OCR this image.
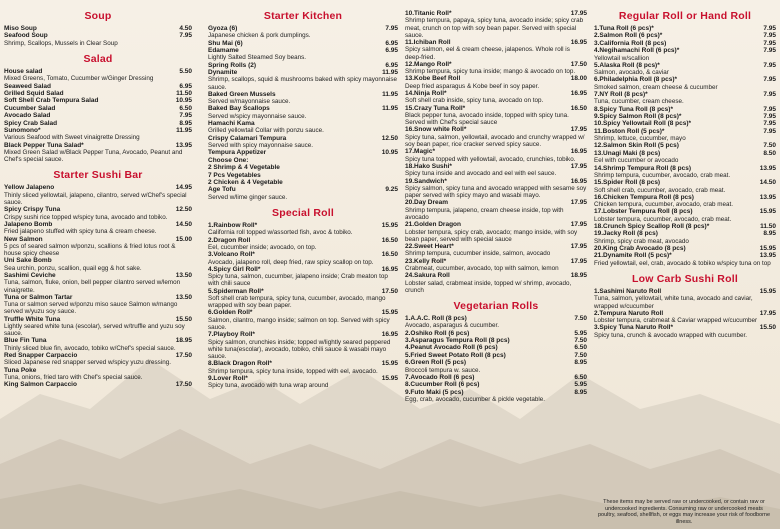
Soup
Miso Soup	4.50
Seafood Soup	7.95
Shrimp, Scallops, Mussels in Clear Soup
Salad
House salad	5.50
Mixed Greens, Tomato, Cucumber w/Ginger Dressing
Seaweed Salad	6.95
Grilled Squid Salad	11.50
Soft Shell Crab Tempura Salad	10.95
Cucumber Salad	6.50
Avocado Salad	7.95
Spicy Crab Salad	8.95
Sunomono*	11.95
Various Seafood with Sweet vinaigrette Dressing
Black Pepper Tuna Salad*	13.95
Mixed Green Salad w/Black Pepper Tuna, Avocado, Peanut and Chef's special sauce.
Starter Sushi Bar
Yellow Jalapeno	14.95
Thinly sliced yellowtail, jalapeno, cilantro, served w/Chef's special sauce.
Spicy Crispy Tuna	12.50
Crispy sushi rice topped w/spicy tuna, avocado and tobiko.
Jalapeno Bomb	14.50
Fried jalapeno stuffed with spicy tuna & cream cheese.
New Salmon	15.00
5 pcs of seared salmon w/ponzu, scallions & fried lotus root & house spicy cheese
Uni Sake Bomb
Sea urchin, ponzu, scallion, quail egg & hot sake.
Sashimi Ceviche	13.50
Tuna, salmon, fluke, onion, bell pepper cilantro served w/lemon vinaigrette.
Tuna or Salmon Tartar	13.50
Tuna or salmon served w/ponzu miso sauce Salmon w/mango served w/yuzu soy sauce.
Truffle White Tuna	15.50
Lightly seared white tuna (escolar), served w/truffle and yuzu soy sauce.
Blue Fin Tuna	18.95
Thinly sliced blue fin, avocado, tobiko w/Chef's special sauce.
Red Snapper Carpaccio	17.50
Sliced Japanese red snapper served w/spicy yuzu dressing.
Tuna Poke
Tuna, onions, fried taro with Chef's special sauce.
King Salmon Carpaccio	17.50
Starter Kitchen
Gyoza (6)	7.95
Japanese chicken & pork dumplings.
Shu Mai (6)	6.95
Edamame	6.95
Lightly Salted Steamed Soy beans.
Spring Rolls (2)	6.95
Dynamite	11.95
Shrimp, scallops, squid & mushrooms baked with spicy mayonnaise sauce.
Baked Green Mussels	11.95
Served w/mayonnaise sauce.
Baked Bay Scallops	11.95
Served w/spicy mayonnaise sauce.
Hamachi Kama
Grilled yellowtail Collar with ponzu sauce.
Crispy Calamari Tempura	12.50
Served with spicy mayonnaise sauce.
Tempura Appetizer	10.95
Choose One:
2 Shrimp & 4 Vegetable
7 Pcs Vegetables
2 Chicken & 4 Vegetable
Age Tofu	9.25
Served w/lime ginger sauce.
Special Roll
1.Rainbow Roll*	15.95
California roll topped w/assorted fish, avoc & tobiko.
2.Dragon Roll	16.50
Eel, cucumber inside; avocado, on top.
3.Volcano Roll*	16.50
Avocado, jalapeno roll, deep fried, raw spicy scallop on top.
4.Spicy Girl Roll*	16.95
Spicy tuna, salmon, cucumber, jalapeno inside; Crab meaton top with chili sauce
5.Spiderman Roll*	17.50
Soft shell crab tempura, spicy tuna, cucumber, avocado, mango wrapped with soy bean paper.
6.Golden Roll*	15.95
Salmon, cilantro, mango inside; salmon on top. Served with spicy sauce.
7.Playboy Roll*	16.95
Spicy salmon, crunchies inside; topped w/lightly seared peppered white tuna(escolar), avocado, tobiko, chili sauce & wasabi mayo sauce.
8.Black Dragon Roll*	15.95
Shrimp tempura, spicy tuna inside, topped with eel, avocado.
9.Lover Roll*	15.95
Spicy tuna, avocado with tuna wrap around
10.Titanic Roll*	17.95
Shrimp tempura, papaya, spicy tuna, avocado inside; spicy crab meat, crunch on top with soy bean paper. Served with special sauce.
11.Ichiban Roll	16.95
Spicy salmon, eel & cream cheese, jalapenos. Whole roll is deep-fried.
12.Mango Roll*	17.50
Shrimp tempura, spicy tuna inside; mango & avocado on top.
13.Kobe Beef Roll	18.00
Deep fried asparagus & Kobe beef in soy paper.
14.Ninja Roll*	16.95
Soft shell crab inside, spicy tuna, avocado on top.
15.Crazy Tuna Roll*	16.50
Black pepper tuna, avocado inside, topped with spicy tuna. Served with Chef's special sauce
16.Snow white Roll*	17.95
Spicy tuna, salmon, yellowtail, avocado and crunchy wrapped w/ soy bean paper, rice cracker served spicy sauce.
17.Magic*	16.95
Spicy tuna topped with yellowtail, avocado, crunchies, tobiko.
18.Hako Sushi*	17.95
Spicy tuna inside and avocado and eel with eel sauce.
19.Sandwich*	16.95
Spicy salmon, spicy tuna and avocado wrapped with sesame soy paper served with spicy mayo and wasabi mayo.
20.Day Dream	17.95
Shrimp tempura, jalapeno, cream cheese inside, top with avocado
21.Golden Dragon	17.95
Lobster tempura, spicy crab, avocado; mango inside, with soy bean paper, served with special sauce
22.Sweet Heart*	17.95
Shrimp tempura, cucumber inside, salmon, avocado
23.Kelly Roll*	17.95
Crabmeat, cucumber, avocado, top with salmon, lemon
24.Sakura Roll	18.95
Lobster salad, crabmeat inside, topped w/ shrimp, avocado, crunch
Vegetarian Rolls
1.A.A.C. Roll (8 pcs)	7.50
Avocado, asparagus & cucumber.
2.Oshiko Roll (6 pcs)	5.95
3.Asparagus Tempura Roll (8 pcs)	7.50
4.Peanut Avocado Roll (6 pcs)	6.50
5.Fried Sweet Potato Roll (8 pcs)	7.50
6.Green Roll (5 pcs)	8.95
Broccoli tempura w. sauce.
7.Avocado Roll (6 pcs)	6.50
8.Cucumber Roll (6 pcs)	5.95
9.Futo Maki (5 pcs)	8.95
Egg, crab, avocado, cucumber & pickle vegetable.
Regular Roll or Hand Roll
1.Tuna Roll (6 pcs)*	7.95
2.Salmon Roll (6 pcs)*	7.95
3.California Roll (8 pcs)	7.95
4.Negihamachi Roll (6 pcs)*	7.95
Yellowtail w/scallion
5.Alaska Roll (8 pcs)*	7.95
Salmon, avocado, & caviar
6.Philadelphia Roll (8 pcs)*	7.95
Smoked salmon, cream cheese & cucumber
7.NY Roll (8 pcs)*	7.95
Tuna, cucumber, cream cheese.
8.Spicy Tuna Roll (8 pcs)*	7.95
9.Spicy Salmon Roll (8 pcs)*	7.95
10.Spicy Yellowtail Roll (8 pcs)*	7.95
11.Boston Roll (5 pcs)*	7.95
Shrimp, lettuce, cucumber, mayo
12.Salmon Skin Roll (5 pcs)	7.50
13.Unagi Maki (8 pcs)	8.50
Eel with cucumber or avocado
14.Shrimp Tempura Roll (8 pcs)	13.95
Shrimp tempura, cucumber, avocado, crab meat.
15.Spider Roll (8 pcs)	14.50
Soft shell crab, cucumber, avocado, crab meat.
16.Chicken Tempura Roll (8 pcs)	13.95
Chicken tempura, cucumber, avocado, crab meat.
17.Lobster Tempura Roll (8 pcs)	15.95
Lobster tempura, cucumber, avocado, crab meat.
18.Crunch Spicy Scallop Roll (8 pcs)*	11.50
19.Jacky Roll (8 pcs)	8.95
Shrimp, spicy crab meat, avocado
20.King Crab Avocado (8 pcs)	15.95
21.Dynamite Roll (5 pcs)*	13.95
Fried yellowtail, eel, crab, avocado & tobiko w/spicy tuna on top
Low Carb Sushi Roll
1.Sashimi Naruto Roll	15.95
Tuna, salmon, yellowtail, white tuna, avocado and caviar, wrapped w/cucumber
2.Tempura Naruto Roll	17.95
Lobster tempura, crabmeat & Caviar wrapped w/cucumber
3.Spicy Tuna Naruto Roll*	15.50
Spicy tuna, crunch & avocado wrapped with cucumber.
These items may be served raw or undercooked, or contain raw or undercooked ingredients. Consuming raw or undercooked meats poultry, seafood, shellfish, or eggs may increase your risk of foodborne illness.
